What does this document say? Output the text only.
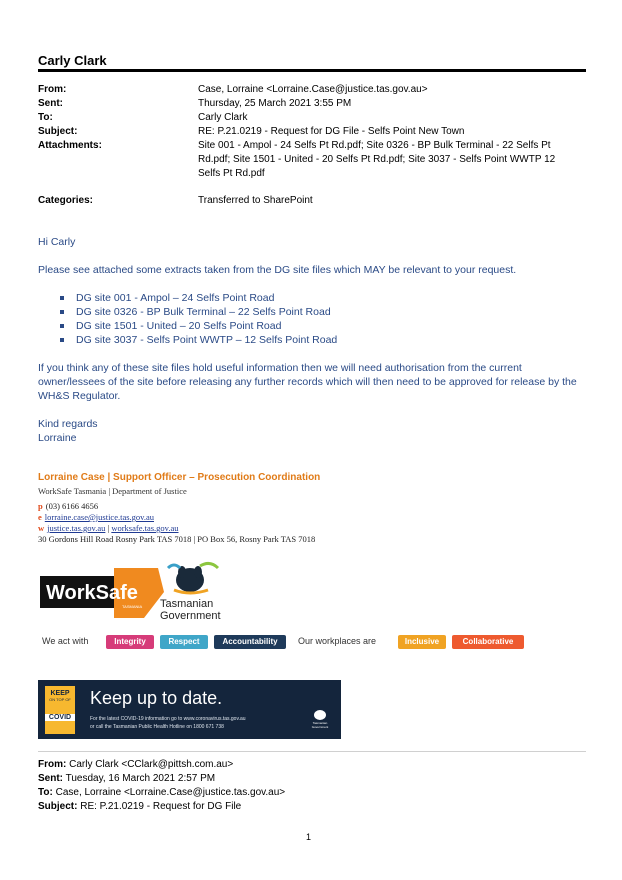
Carly Clark
From:	Case, Lorraine <Lorraine.Case@justice.tas.gov.au>
Sent:	Thursday, 25 March 2021 3:55 PM
To:	Carly Clark
Subject:	RE: P.21.0219 - Request for DG File - Selfs Point New Town
Attachments:	Site 001 - Ampol - 24 Selfs Pt Rd.pdf; Site 0326 - BP Bulk Terminal - 22 Selfs Pt Rd.pdf; Site 1501 - United - 20 Selfs Pt Rd.pdf; Site 3037 - Selfs Point WWTP 12 Selfs Pt Rd.pdf
Categories:	Transferred to SharePoint
Hi Carly
Please see attached some extracts taken from the DG site files which MAY be relevant to your request.
DG site 001 - Ampol – 24 Selfs Point Road
DG site 0326 - BP Bulk Terminal – 22 Selfs Point Road
DG site 1501 - United – 20 Selfs Point Road
DG site 3037 - Selfs Point WWTP – 12 Selfs Point Road
If you think any of these site files hold useful information then we will need authorisation from the current owner/lessees of the site before releasing any further records which will then need to be approved for release by the WH&S Regulator.
Kind regards
Lorraine
Lorraine Case | Support Officer – Prosecution Coordination
WorkSafe Tasmania | Department of Justice
p (03) 6166 4656
e lorraine.case@justice.tas.gov.au
w justice.tas.gov.au | worksafe.tas.gov.au
30 Gordons Hill Road Rosny Park TAS 7018 | PO Box 56, Rosny Park TAS 7018
WorkSafe
TASMANIA Tasmanian
Government
We act with	Integrity	Respect	Accountability	Our workplaces are	Inclusive	Collaborative
KEEP
ON TOP OF
COVID
Keep up to date.
For the latest COVID-19 information go to www.coronavirus.tas.gov.au
or call the Tasmanian Public Health Hotline on 1800 671 738
Tasmanian Government
From: Carly Clark <CClark@pittsh.com.au>
Sent: Tuesday, 16 March 2021 2:57 PM
To: Case, Lorraine <Lorraine.Case@justice.tas.gov.au>
Subject: RE: P.21.0219 - Request for DG File
1
